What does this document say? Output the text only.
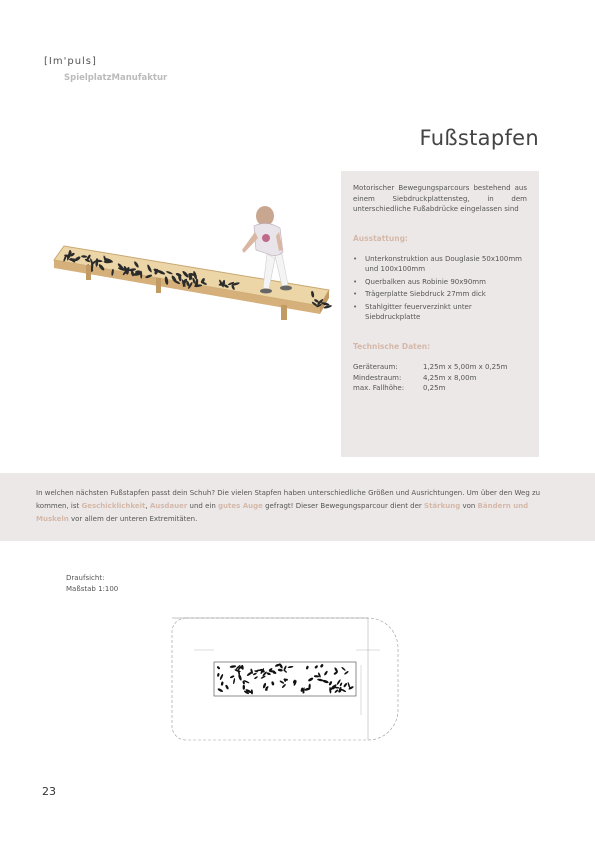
[Im'puls]
SpielplatzManufaktur
Fußstapfen

Motorischer Bewegungsparcours bestehend aus einem Siebdruckplattensteg, in dem unterschiedliche Fußabdrücke eingelassen sind

Ausstattung:
• Unterkonstruktion aus Douglasie 50x100mm und 100x100mm
• Querbalken aus Robinie 90x90mm
• Trägerplatte Siebdruck 27mm dick
• Stahlgitter feuerverzinkt unter Siebdruckplatte
Technische Daten:
Geräteraum:	1,25m x 5,00m x 0,25m
Mindestraum:	4,25m x 8,00m
max. Fallhöhe:	0,25m
In welchen nächsten Fußstapfen passt dein Schuh? Die vielen Stapfen haben unterschiedliche Größen und Ausrichtungen. Um über den Weg zu kommen, ist Geschicklichkeit, Ausdauer und ein gutes Auge gefragt! Dieser Bewegungsparcour dient der Stärkung von Bändern und Muskeln vor allem der unteren Extremitäten.
Draufsicht:
Maßstab 1:100
23
